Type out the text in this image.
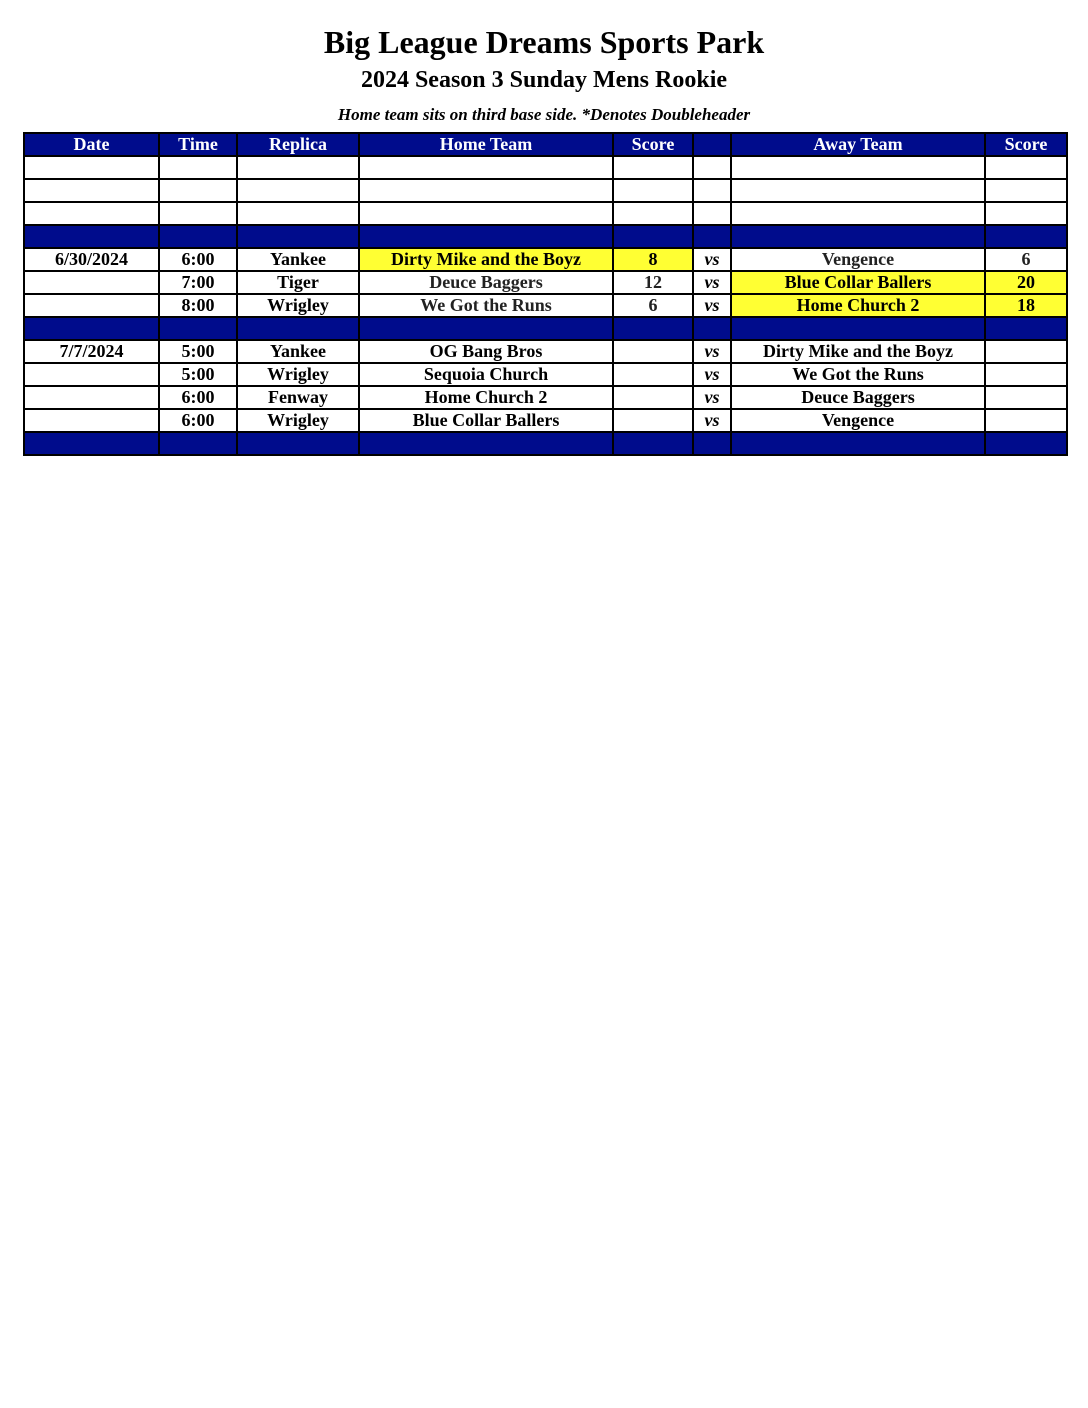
Big League Dreams Sports Park
2024 Season 3 Sunday Mens Rookie
Home team sits on third base side. *Denotes Doubleheader
Date	Time	Replica	Home Team	Score		Away Team	Score

6/30/2024	6:00	Yankee	Dirty Mike and the Boyz	8	vs	Vengence	6
	7:00	Tiger	Deuce Baggers	12	vs	Blue Collar Ballers	20
	8:00	Wrigley	We Got the Runs	6	vs	Home Church 2	18

7/7/2024	5:00	Yankee	OG Bang Bros		vs	Dirty Mike and the Boyz	
	5:00	Wrigley	Sequoia Church		vs	We Got the Runs	
	6:00	Fenway	Home Church 2		vs	Deuce Baggers	
	6:00	Wrigley	Blue Collar Ballers		vs	Vengence	
